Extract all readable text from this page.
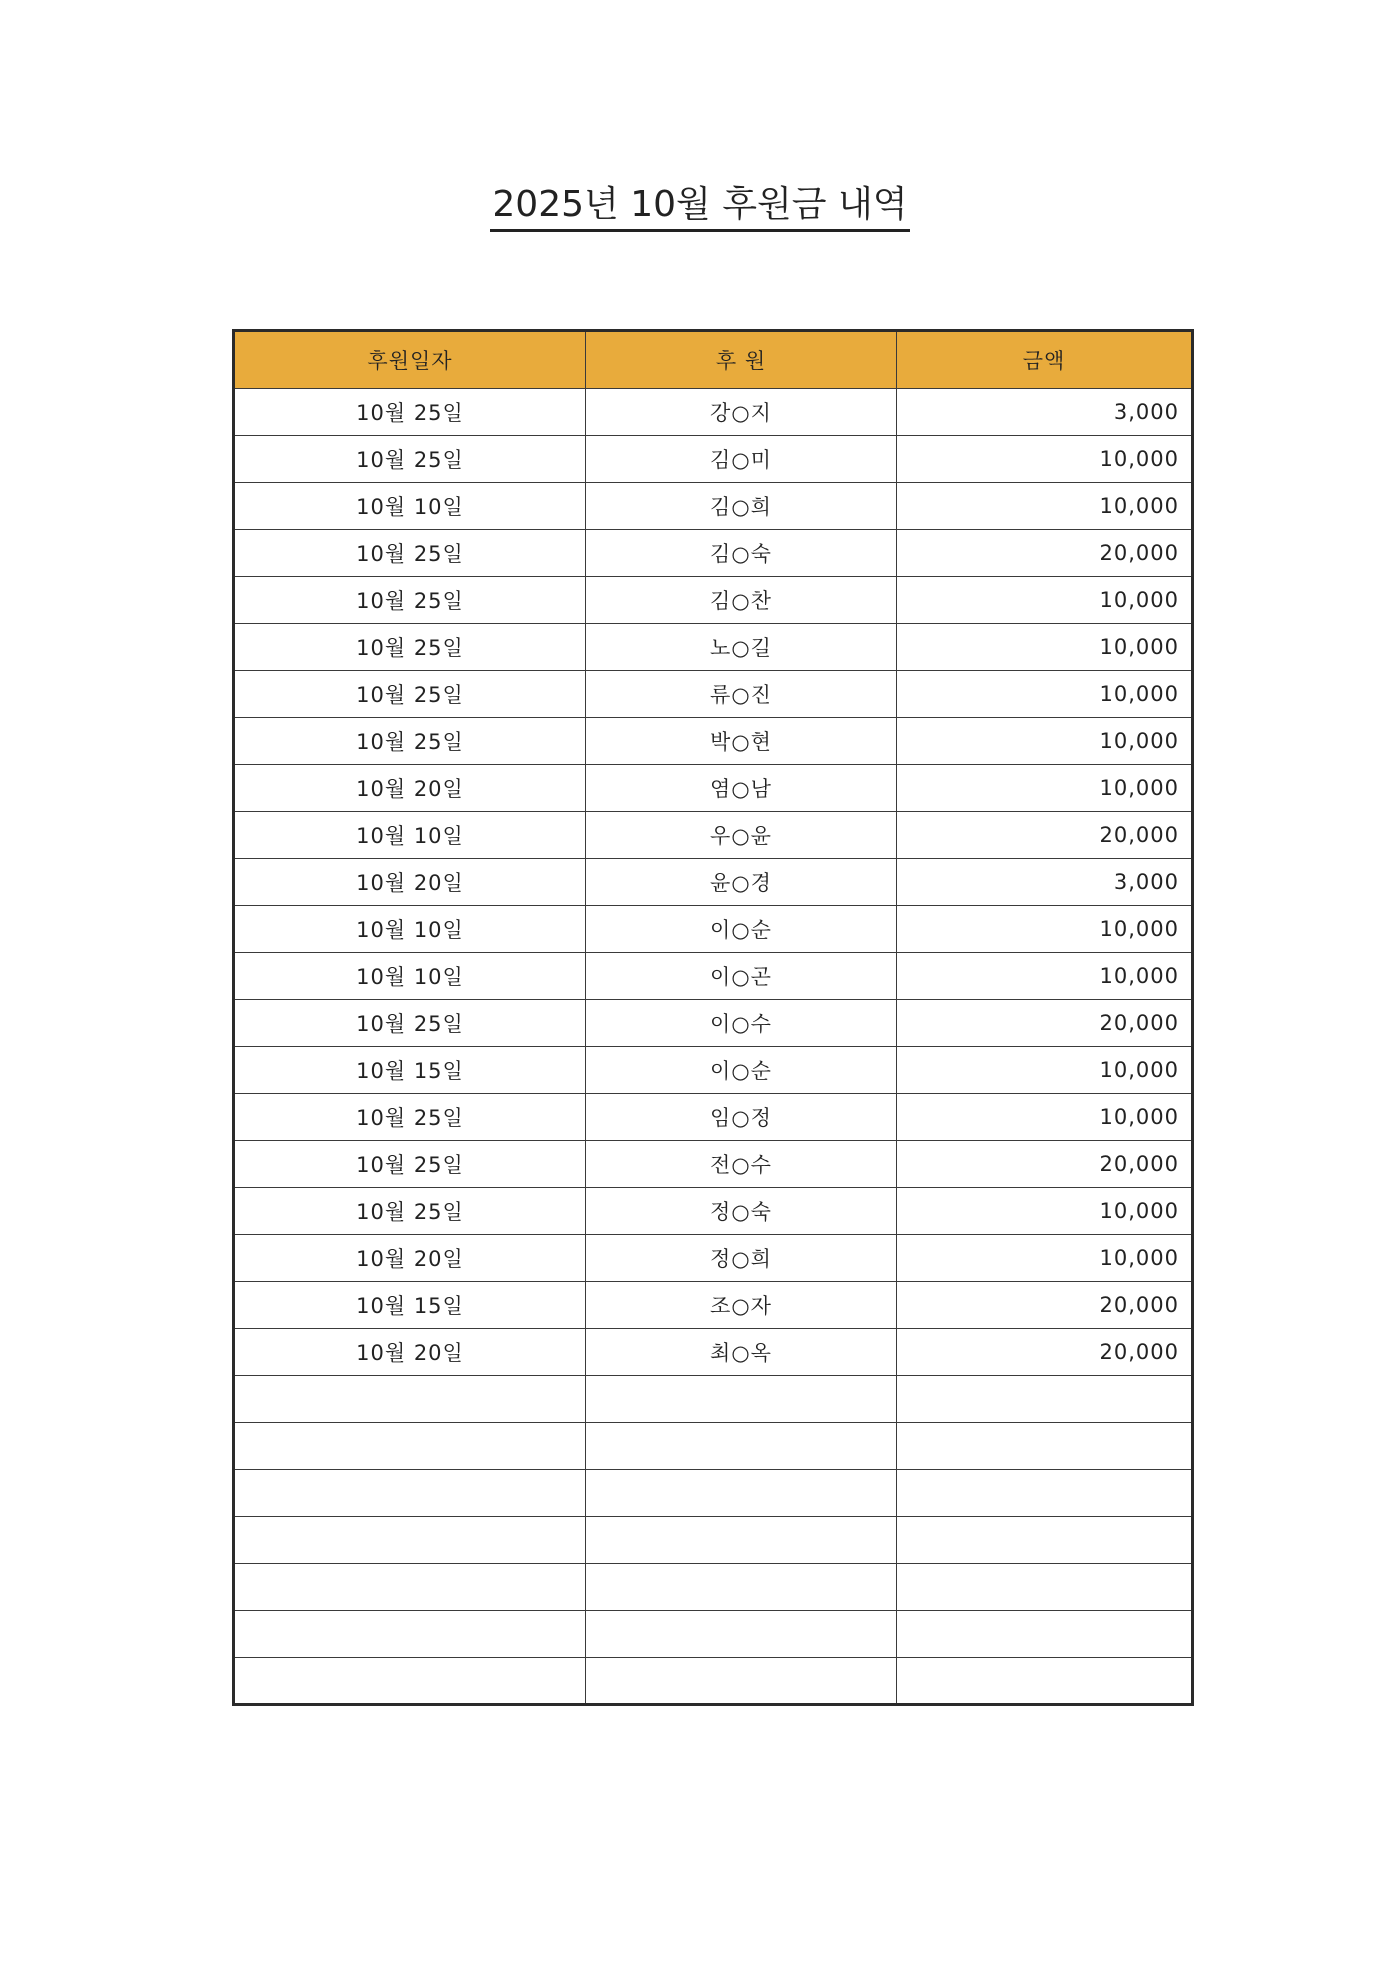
2025년 10월 후원금 내역
후원일자	후 원	금액
10월 25일	강○지	3,000
10월 25일	김○미	10,000
10월 10일	김○희	10,000
10월 25일	김○숙	20,000
10월 25일	김○찬	10,000
10월 25일	노○길	10,000
10월 25일	류○진	10,000
10월 25일	박○현	10,000
10월 20일	염○남	10,000
10월 10일	우○윤	20,000
10월 20일	윤○경	3,000
10월 10일	이○순	10,000
10월 10일	이○곤	10,000
10월 25일	이○수	20,000
10월 15일	이○순	10,000
10월 25일	임○정	10,000
10월 25일	전○수	20,000
10월 25일	정○숙	10,000
10월 20일	정○희	10,000
10월 15일	조○자	20,000
10월 20일	최○옥	20,000
